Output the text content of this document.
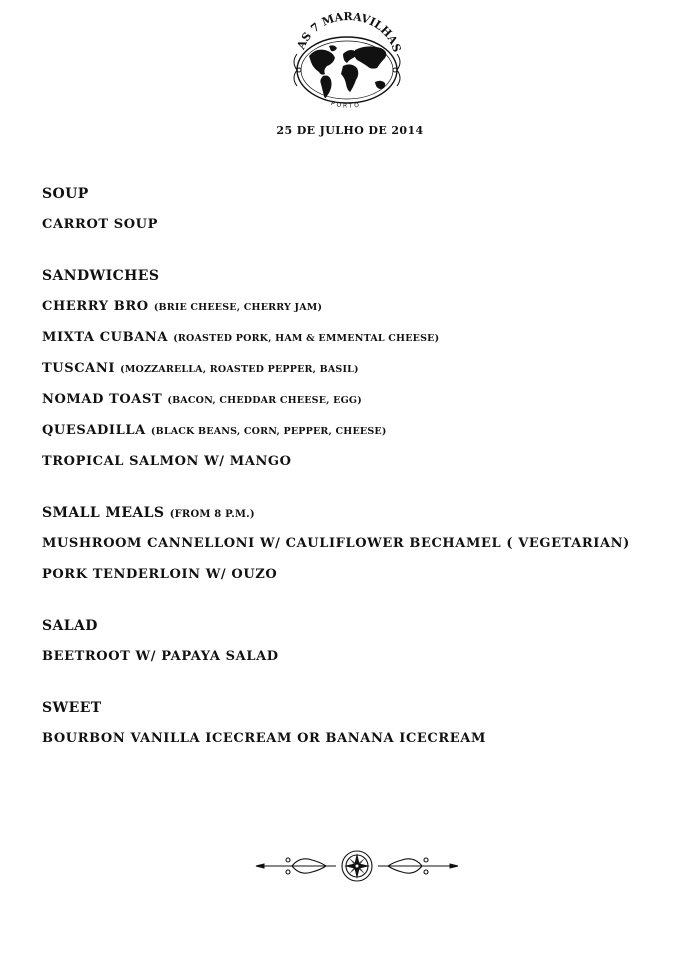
AS 7 MARAVILHAS
PORTO
25 DE JULHO DE 2014
SOUP
CARROT SOUP
SANDWICHES
CHERRY BRO (BRIE CHEESE, CHERRY JAM)
MIXTA CUBANA (ROASTED PORK, HAM & EMMENTAL CHEESE)
TUSCANI (MOZZARELLA, ROASTED PEPPER, BASIL)
NOMAD TOAST (BACON, CHEDDAR CHEESE, EGG)
QUESADILLA (BLACK BEANS, CORN, PEPPER, CHEESE)
TROPICAL SALMON W/ MANGO
SMALL MEALS (FROM 8 P.M.)
MUSHROOM CANNELLONI W/ CAULIFLOWER BECHAMEL ( VEGETARIAN)
PORK TENDERLOIN W/ OUZO
SALAD
BEETROOT W/ PAPAYA SALAD
SWEET
BOURBON VANILLA ICECREAM OR BANANA ICECREAM
